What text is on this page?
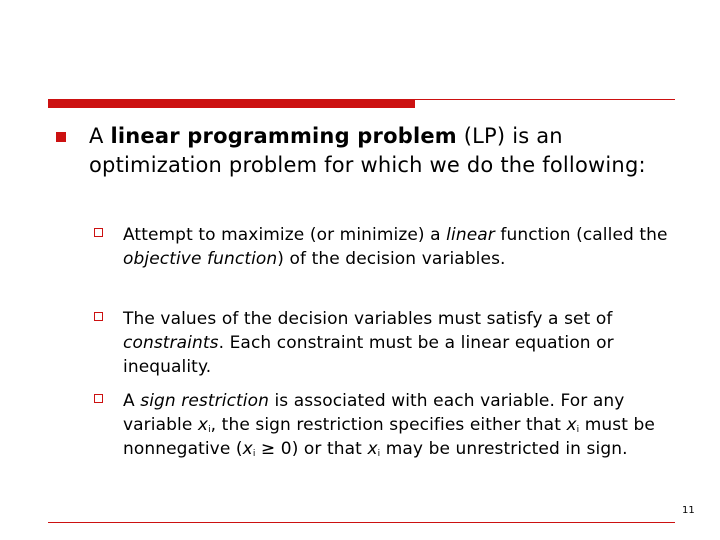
A linear programming problem (LP) is an optimization problem for which we do the following:
Attempt to maximize (or minimize) a linear function (called the objective function) of the decision variables.
The values of the decision variables must satisfy a set of constraints. Each constraint must be a linear equation or inequality.
A sign restriction is associated with each variable. For any variable $x_i$, the sign restriction specifies either that $x_i$ must be nonnegative $(x_i \ge 0)$ or that $x_i$ may be unrestricted in sign.
11
